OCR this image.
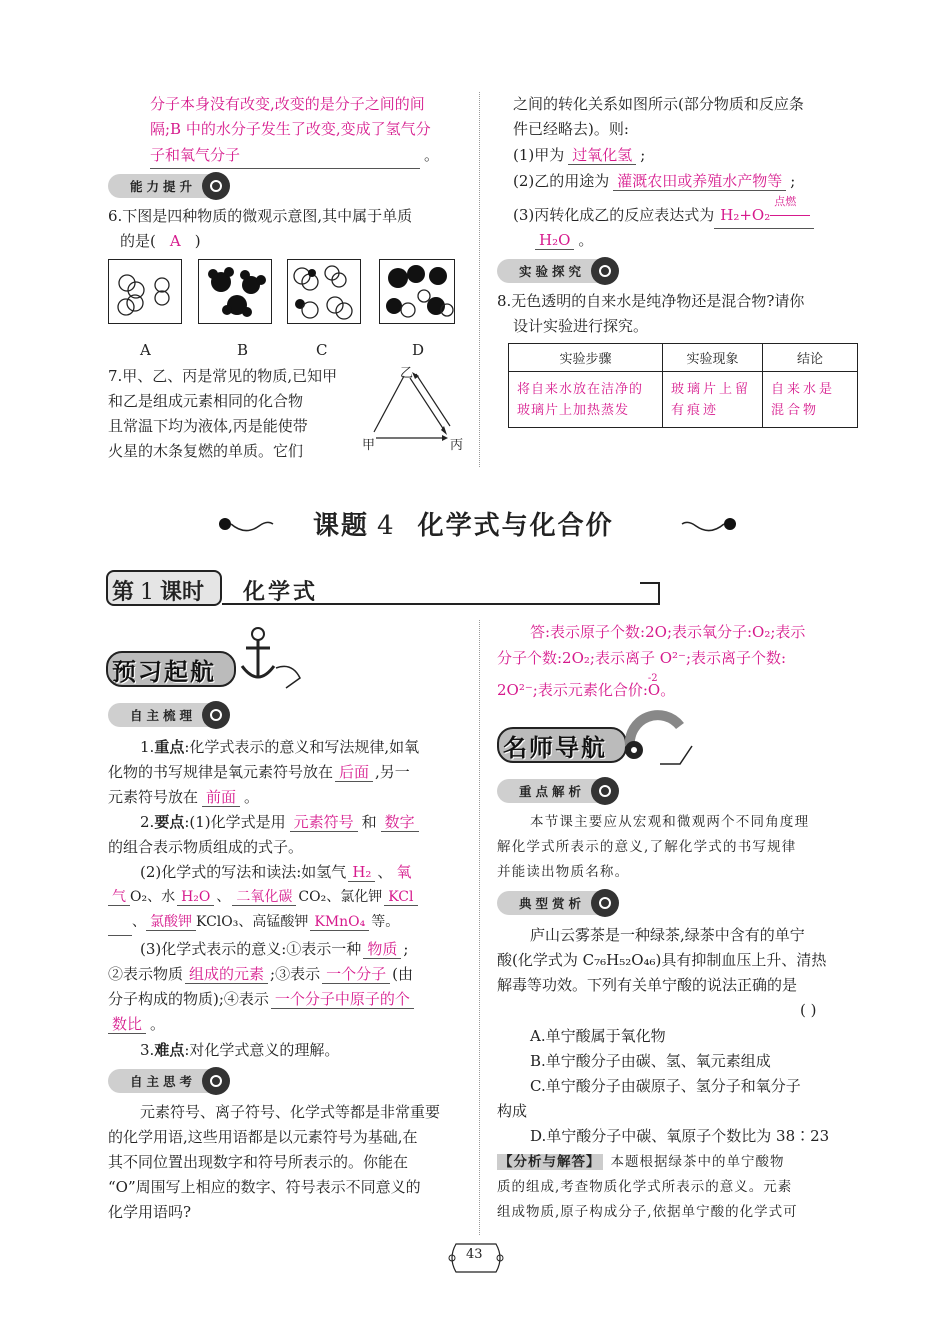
分子本身没有改变,改变的是分子之间的间
隔;B 中的水分子发生了改变,变成了氢气分
子和氧气分子	。
能力提升
6.下图是四种物质的微观示意图,其中属于单质
的是( A )
A	B	C	D
7.甲、乙、丙是常见的物质,已知甲
和乙是组成元素相同的化合物
且常温下均为液体,丙是能使带
火星的木条复燃的单质。它们
乙
甲	丙
之间的转化关系如图所示(部分物质和反应条
件已经略去)。则:
(1)甲为 过氧化氢 ;
(2)乙的用途为 灌溉农田或养殖水产物等 ;
(3)丙转化成乙的反应表达式为 H₂+O₂
点燃
H₂O 。
实验探究
8.无色透明的自来水是纯净物还是混合物?请你
设计实验进行探究。
实验步骤	实验现象	结论
将自来水放在洁净的玻璃片上加热蒸发	玻璃片上留有痕迹	自来水是混合物
课题 4 化学式与化合价
第 1 课时 化学式
预习起航
自主梳理
1.重点:化学式表示的意义和写法规律,如氧
化物的书写规律是氧元素符号放在 后面 ,另一
元素符号放在 前面 。
2.要点:(1)化学式是用 元素符号 和 数字
的组合表示物质组成的式子。
(2)化学式的写法和读法:如氢气 H₂ 、 氧
气 O₂、水 H₂O 、 二氧化碳 CO₂、氯化钾 KCl
、 氯酸钾 KClO₃、高锰酸钾 KMnO₄ 等。
(3)化学式表示的意义:①表示一种 物质 ;
②表示物质 组成的元素 ;③表示 一个分子 (由
分子构成的物质);④表示 一个分子中原子的个
数比 。
3.难点:对化学式意义的理解。
自主思考
元素符号、离子符号、化学式等都是非常重要
的化学用语,这些用语都是以元素符号为基础,在
其不同位置出现数字和符号所表示的。你能在
“O”周围写上相应的数字、符号表示不同意义的
化学用语吗?
答:表示原子个数:2O;表示氧分子:O₂;表示
分子个数:2O₂;表示离子 O²⁻;表示离子个数:
2O²⁻;表示元素化合价:
-2
O。
名师导航
重点解析
本节课主要应从宏观和微观两个不同角度理
解化学式所表示的意义,了解化学式的书写规律
并能读出物质名称。
典型赏析
庐山云雾茶是一种绿茶,绿茶中含有的单宁
酸(化学式为 C₇₆H₅₂O₄₆)具有抑制血压上升、清热
解毒等功效。下列有关单宁酸的说法正确的是
( )
A.单宁酸属于氧化物
B.单宁酸分子由碳、氢、氧元素组成
C.单宁酸分子由碳原子、氢分子和氧分子
构成
D.单宁酸分子中碳、氧原子个数比为 38∶23
【分析与解答】 本题根据绿茶中的单宁酸物
质的组成,考查物质化学式所表示的意义。元素
组成物质,原子构成分子,依据单宁酸的化学式可
43
